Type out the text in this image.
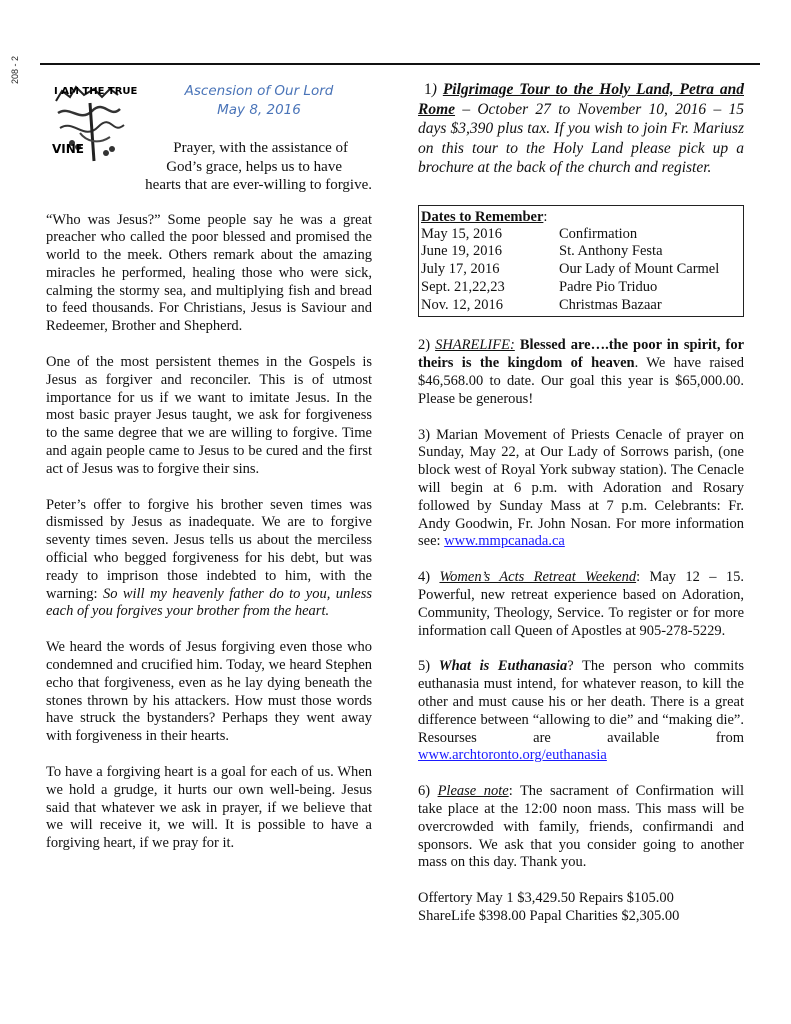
208 - 2
I AM THE TRUE
VINE
Ascension of Our Lord
May 8, 2016
Prayer, with the assistance of
God’s grace, helps us to have
hearts that are ever-willing to forgive.

“Who was Jesus?” Some people say he was a great preacher who called the poor blessed and promised the world to the meek. Others remark about the amazing miracles he performed, healing those who were sick, calming the stormy sea, and multiplying fish and bread to feed thousands. For Christians, Jesus is Saviour and Redeemer, Brother and Shepherd.

One of the most persistent themes in the Gospels is Jesus as forgiver and reconciler. This is of utmost importance for us if we want to imitate Jesus. In the most basic prayer Jesus taught, we ask for forgiveness to the same degree that we are willing to forgive. Time and again people came to Jesus to be cured and the first act of Jesus was to forgive their sins.

Peter’s offer to forgive his brother seven times was dismissed by Jesus as inadequate. We are to forgive seventy times seven. Jesus tells us about the merciless official who begged forgiveness for his debt, but was ready to imprison those indebted to him, with the warning: So will my heavenly father do to you, unless each of you forgives your brother from the heart.

We heard the words of Jesus forgiving even those who condemned and crucified him. Today, we heard Stephen echo that forgiveness, even as he lay dying beneath the stones thrown by his attackers. How must those words have struck the bystanders? Perhaps they went away with forgiveness in their hearts.

To have a forgiving heart is a goal for each of us. When we hold a grudge, it hurts our own well-being. Jesus said that whatever we ask in prayer, if we believe that we will receive it, we will. It is possible to have a forgiving heart, if we pray for it.

1) Pilgrimage Tour to the Holy Land, Petra and Rome – October 27 to November 10, 2016 – 15 days $3,390 plus tax. If you wish to join Fr. Mariusz on this tour to the Holy Land please pick up a brochure at the back of the church and register.
Dates to Remember:
May 15, 2016	Confirmation
June 19, 2016	St. Anthony Festa
July 17, 2016	Our Lady of Mount Carmel
Sept. 21,22,23	Padre Pio Triduo
Nov. 12, 2016	Christmas Bazaar

2) SHARELIFE: Blessed are….the poor in spirit, for theirs is the kingdom of heaven. We have raised $46,568.00 to date. Our goal this year is $65,000.00. Please be generous!

3) Marian Movement of Priests Cenacle of prayer on Sunday, May 22, at Our Lady of Sorrows parish, (one block west of Royal York subway station). The Cenacle will begin at 6 p.m. with Adoration and Rosary followed by Sunday Mass at 7 p.m. Celebrants: Fr. Andy Goodwin, Fr. John Nosan. For more information see: www.mmpcanada.ca

4) Women’s Acts Retreat Weekend: May 12 – 15. Powerful, new retreat experience based on Adoration, Community, Theology, Service. To register or for more information call Queen of Apostles at 905-278-5229.

5) What is Euthanasia? The person who commits euthanasia must intend, for whatever reason, to kill the other and must cause his or her death. There is a great difference between “allowing to die” and “making die”. Resourses are available from www.archtoronto.org/euthanasia

6) Please note: The sacrament of Confirmation will take place at the 12:00 noon mass. This mass will be overcrowded with family, friends, confirmandi and sponsors. We ask that you consider going to another mass on this day. Thank you.

Offertory May 1 $3,429.50 Repairs $105.00

ShareLife $398.00 Papal Charities $2,305.00
